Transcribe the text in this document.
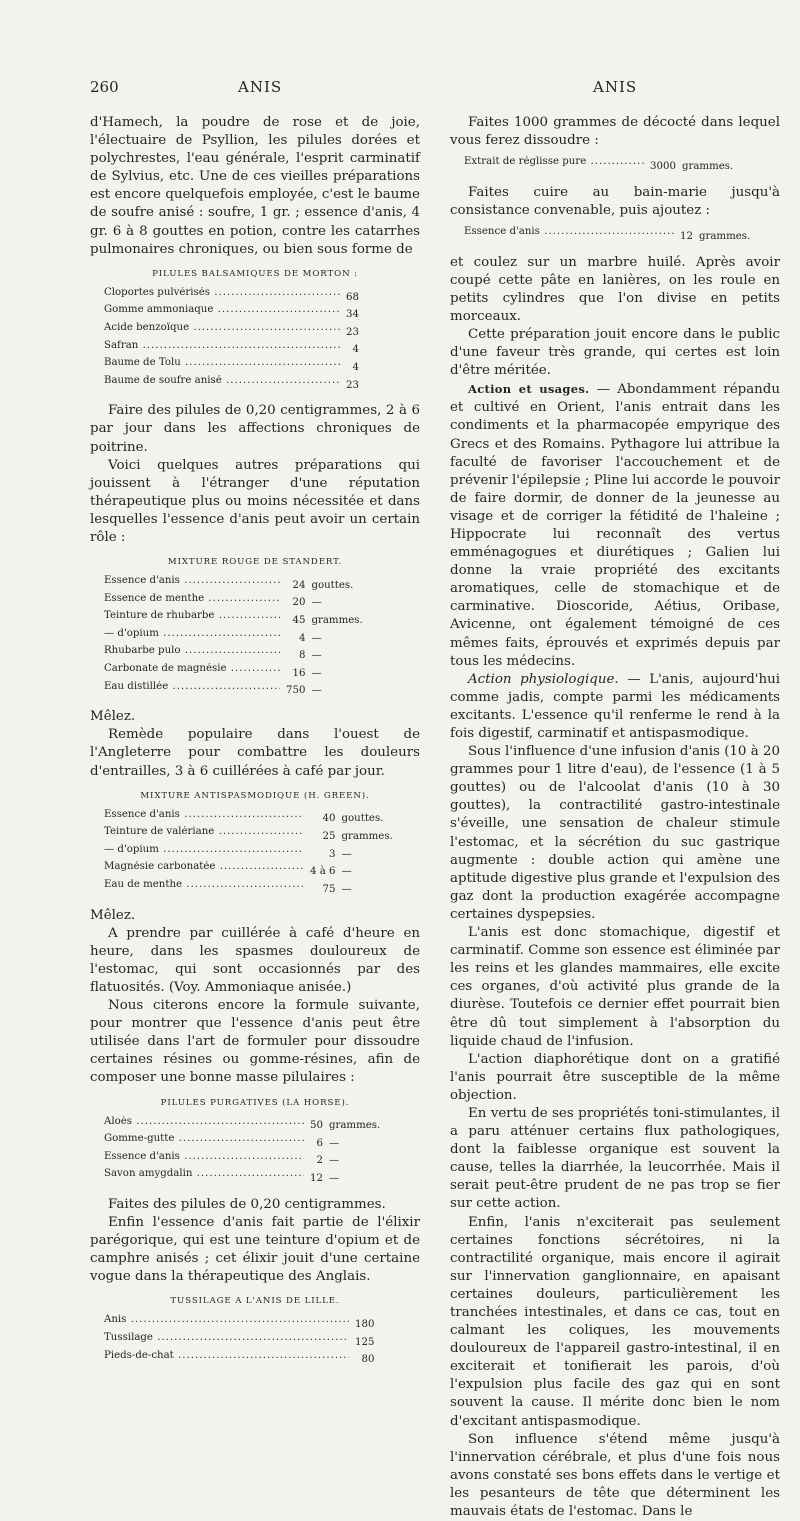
260	ANIS	ANIS

d'Hamech, la poudre de rose et de joie, l'électuaire de Psyllion, les pilules dorées et polychrestes, l'eau générale, l'esprit carminatif de Sylvius, etc. Une de ces vieilles préparations est encore quelquefois employée, c'est le baume de soufre anisé : soufre, 1 gr. ; essence d'anis, 4 gr. 6 à 8 gouttes en potion, contre les catarrhes pulmonaires chroniques, ou bien sous forme de

PILULES BALSAMIQUES DE MORTON :
Cloportes pulvérisés .....	68	
Gomme ammoniaque .....	34	
Acide benzoïque .....	23	
Safran .....	4	
Baume de Tolu .....	4	
Baume de soufre anisé .....	23	

Faire des pilules de 0,20 centigrammes, 2 à 6 par jour dans les affections chroniques de poitrine.

Voici quelques autres préparations qui jouissent à l'étranger d'une réputation thérapeutique plus ou moins nécessitée et dans lesquelles l'essence d'anis peut avoir un certain rôle :

MIXTURE ROUGE DE STANDERT.
Essence d'anis .....	24	gouttes.
Essence de menthe .....	20	—
Teinture de rhubarbe .....	45	grammes.
— d'opium .....	4	—
Rhubarbe pulo .....	8	—
Carbonate de magnésie .....	16	—
Eau distillée .....	750	—

Mêlez.

Remède populaire dans l'ouest de l'Angleterre pour combattre les douleurs d'entrailles, 3 à 6 cuillérées à café par jour.

MIXTURE ANTISPASMODIQUE (H. GREEN).
Essence d'anis .....	40	gouttes.
Teinture de valériane .....	25	grammes.
— d'opium .....	3	—
Magnésie carbonatée .....	4 à 6	—
Eau de menthe .....	75	—

Mêlez.

A prendre par cuillérée à café d'heure en heure, dans les spasmes douloureux de l'estomac, qui sont occasionnés par des flatuosités. (Voy. Ammoniaque anisée.)

Nous citerons encore la formule suivante, pour montrer que l'essence d'anis peut être utilisée dans l'art de formuler pour dissoudre certaines résines ou gomme-résines, afin de composer une bonne masse pilulaires :

PILULES PURGATIVES (LA HORSE).
Aloès .....	50	grammes.
Gomme-gutte .....	6	—
Essence d'anis .....	2	—
Savon amygdalin .....	12	—

Faites des pilules de 0,20 centigrammes.

Enfin l'essence d'anis fait partie de l'élixir parégorique, qui est une teinture d'opium et de camphre anisés ; cet élixir jouit d'une certaine vogue dans la thérapeutique des Anglais.

TUSSILAGE A L'ANIS DE LILLE.
Anis .....	180	
Tussilage .....	125	
Pieds-de-chat .....	80	

Faites 1000 grammes de décocté dans lequel vous ferez dissoudre :

Extrait de réglisse pure .....	3000	grammes.

Faites cuire au bain-marie jusqu'à consistance convenable, puis ajoutez :

Essence d'anis .....	12	grammes.

et coulez sur un marbre huilé. Après avoir coupé cette pâte en lanières, on les roule en petits cylindres que l'on divise en petits morceaux.

Cette préparation jouit encore dans le public d'une faveur très grande, qui certes est loin d'être méritée.

Action et usages. — Abondamment répandu et cultivé en Orient, l'anis entrait dans les condiments et la pharmacopée empyrique des Grecs et des Romains. Pythagore lui attribue la faculté de favoriser l'accouchement et de prévenir l'épilepsie ; Pline lui accorde le pouvoir de faire dormir, de donner de la jeunesse au visage et de corriger la fétidité de l'haleine ; Hippocrate lui reconnaît des vertus emménagogues et diurétiques ; Galien lui donne la vraie propriété des excitants aromatiques, celle de stomachique et de carminative. Dioscoride, Aétius, Oribase, Avicenne, ont également témoigné de ces mêmes faits, éprouvés et exprimés depuis par tous les médecins.

Action physiologique. — L'anis, aujourd'hui comme jadis, compte parmi les médicaments excitants. L'essence qu'il renferme le rend à la fois digestif, carminatif et antispasmodique.

Sous l'influence d'une infusion d'anis (10 à 20 grammes pour 1 litre d'eau), de l'essence (1 à 5 gouttes) ou de l'alcoolat d'anis (10 à 30 gouttes), la contractilité gastro-intestinale s'éveille, une sensation de chaleur stimule l'estomac, et la sécrétion du suc gastrique augmente : double action qui amène une aptitude digestive plus grande et l'expulsion des gaz dont la production exagérée accompagne certaines dyspepsies.

L'anis est donc stomachique, digestif et carminatif. Comme son essence est éliminée par les reins et les glandes mammaires, elle excite ces organes, d'où activité plus grande de la diurèse. Toutefois ce dernier effet pourrait bien être dû tout simplement à l'absorption du liquide chaud de l'infusion.

L'action diaphorétique dont on a gratifié l'anis pourrait être susceptible de la même objection.

En vertu de ses propriétés toni-stimulantes, il a paru atténuer certains flux pathologiques, dont la faiblesse organique est souvent la cause, telles la diarrhée, la leucorrhée. Mais il serait peut-être prudent de ne pas trop se fier sur cette action.

Enfin, l'anis n'exciterait pas seulement certaines fonctions sécrétoires, ni la contractilité organique, mais encore il agirait sur l'innervation ganglionnaire, en apaisant certaines douleurs, particulièrement les tranchées intestinales, et dans ce cas, tout en calmant les coliques, les mouvements douloureux de l'appareil gastro-intestinal, il en exciterait et tonifierait les parois, d'où l'expulsion plus facile des gaz qui en sont souvent la cause. Il mérite donc bien le nom d'excitant antispasmodique.

Son influence s'étend même jusqu'à l'innervation cérébrale, et plus d'une fois nous avons constaté ses bons effets dans le vertige et les pesanteurs de tête que déterminent les mauvais états de l'estomac. Dans le
